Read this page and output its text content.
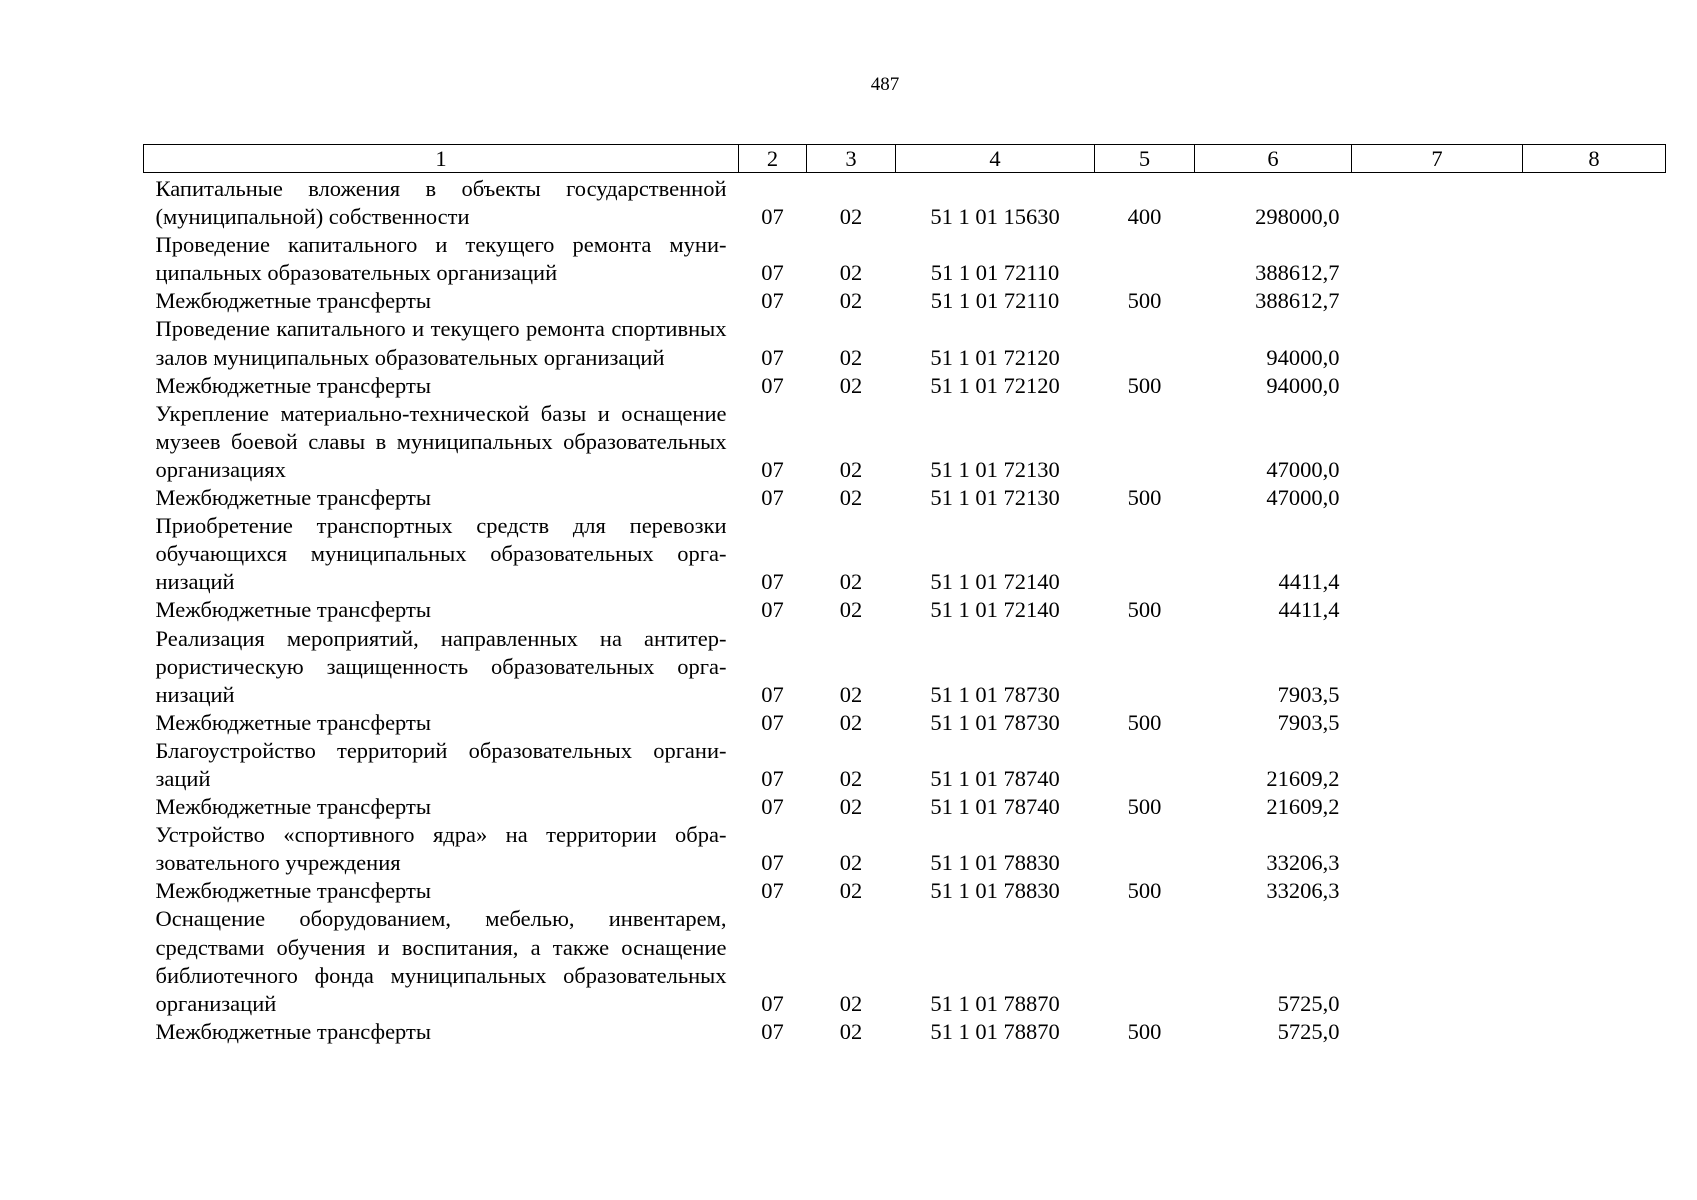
487
1	2	3	4	5	6	7	8
Капитальные вложения в объекты государственной (муниципальной) собственности	07	02	51 1 01 15630	400	298000,0		
Проведение капитального и текущего ремонта муниципальных образовательных организаций	07	02	51 1 01 72110		388612,7		
Межбюджетные трансферты	07	02	51 1 01 72110	500	388612,7		
Проведение капитального и текущего ремонта спортивных залов муниципальных образовательных организаций	07	02	51 1 01 72120		94000,0		
Межбюджетные трансферты	07	02	51 1 01 72120	500	94000,0		
Укрепление материально-технической базы и оснащение музеев боевой славы в муниципальных образовательных организациях	07	02	51 1 01 72130		47000,0		
Межбюджетные трансферты	07	02	51 1 01 72130	500	47000,0		
Приобретение транспортных средств для перевозки обучающихся муниципальных образовательных организаций	07	02	51 1 01 72140		4411,4		
Межбюджетные трансферты	07	02	51 1 01 72140	500	4411,4		
Реализация мероприятий, направленных на антитеррористическую защищенность образовательных организаций	07	02	51 1 01 78730		7903,5		
Межбюджетные трансферты	07	02	51 1 01 78730	500	7903,5		
Благоустройство территорий образовательных организаций	07	02	51 1 01 78740		21609,2		
Межбюджетные трансферты	07	02	51 1 01 78740	500	21609,2		
Устройство «спортивного ядра» на территории образовательного учреждения	07	02	51 1 01 78830		33206,3		
Межбюджетные трансферты	07	02	51 1 01 78830	500	33206,3		
Оснащение оборудованием, мебелью, инвентарем, средствами обучения и воспитания, а также оснащение библиотечного фонда муниципальных образовательных организаций	07	02	51 1 01 78870		5725,0		
Межбюджетные трансферты	07	02	51 1 01 78870	500	5725,0		
